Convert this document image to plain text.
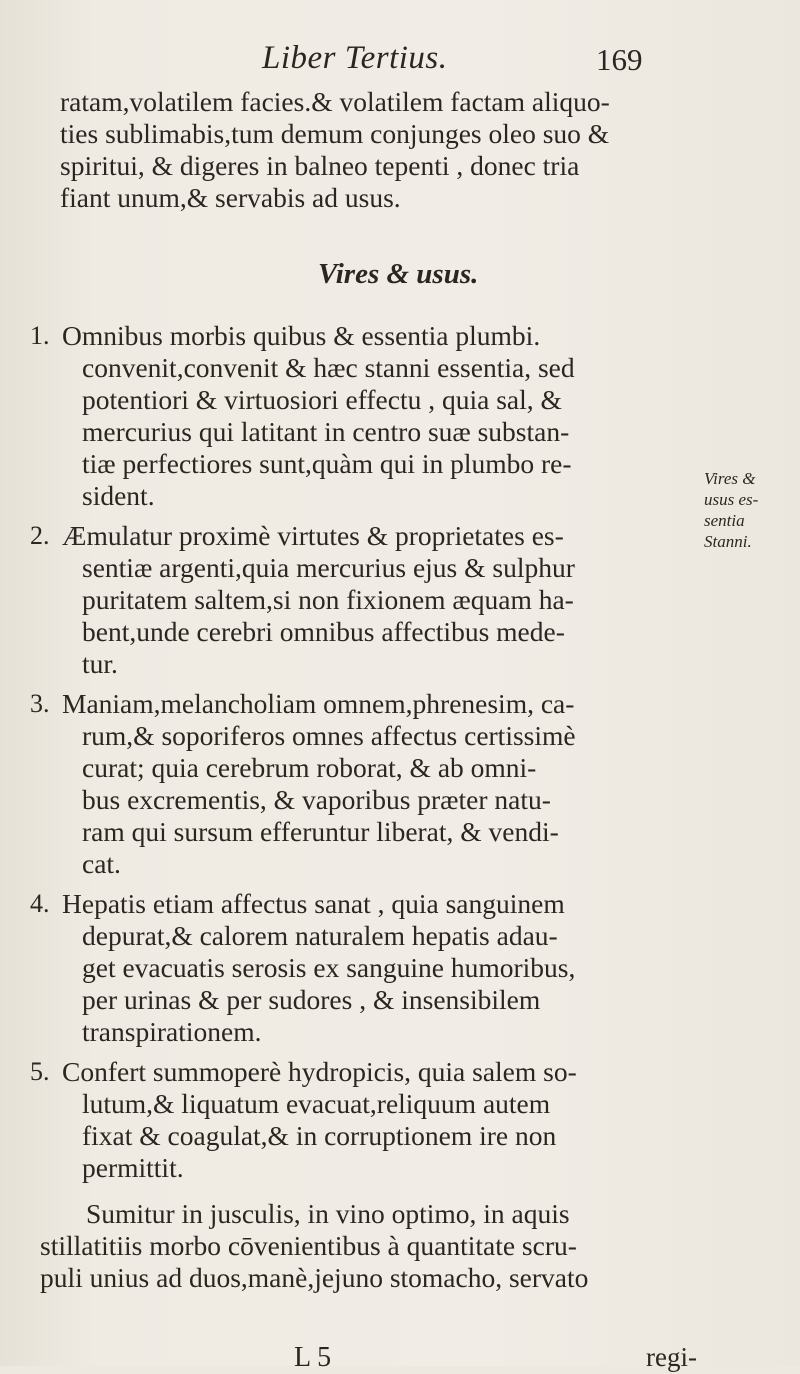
Liber Tertius.	169
ratam,volatilem facies.& volatilem factam aliquo-
ties sublimabis,tum demum conjunges oleo suo &
spiritui, & digeres in balneo tepenti , donec tria
fiant unum,& servabis ad usus.
Vires & usus.
1. Omnibus morbis quibus & essentia plumbi.
convenit,convenit & hæc stanni essentia, sed
potentiori & virtuosiori effectu , quia sal, &
mercurius qui latitant in centro suæ substan-
tiæ perfectiores sunt,quàm qui in plumbo re-
sident.
2. Æmulatur proximè virtutes & proprietates es-
sentiæ argenti,quia mercurius ejus & sulphur
puritatem saltem,si non fixionem æquam ha-
bent,unde cerebri omnibus affectibus mede-
tur.
3. Maniam,melancholiam omnem,phrenesim, ca-
rum,& soporiferos omnes affectus certissimè
curat; quia cerebrum roborat, & ab omni-
bus excrementis, & vaporibus præter natu-
ram qui sursum efferuntur liberat, & vendi-
cat.
4. Hepatis etiam affectus sanat , quia sanguinem
depurat,& calorem naturalem hepatis adau-
get evacuatis serosis ex sanguine humoribus,
per urinas & per sudores , & insensibilem
transpirationem.
5. Confert summoperè hydropicis, quia salem so-
lutum,& liquatum evacuat,reliquum autem
fixat & coagulat,& in corruptionem ire non
permittit.
Sumitur in jusculis, in vino optimo, in aquis
stillatitiis morbo cōvenientibus à quantitate scru-
puli unius ad duos,manè,jejuno stomacho, servato
Vires &
usus es-
sentia
Stanni.
L 5	regi-
